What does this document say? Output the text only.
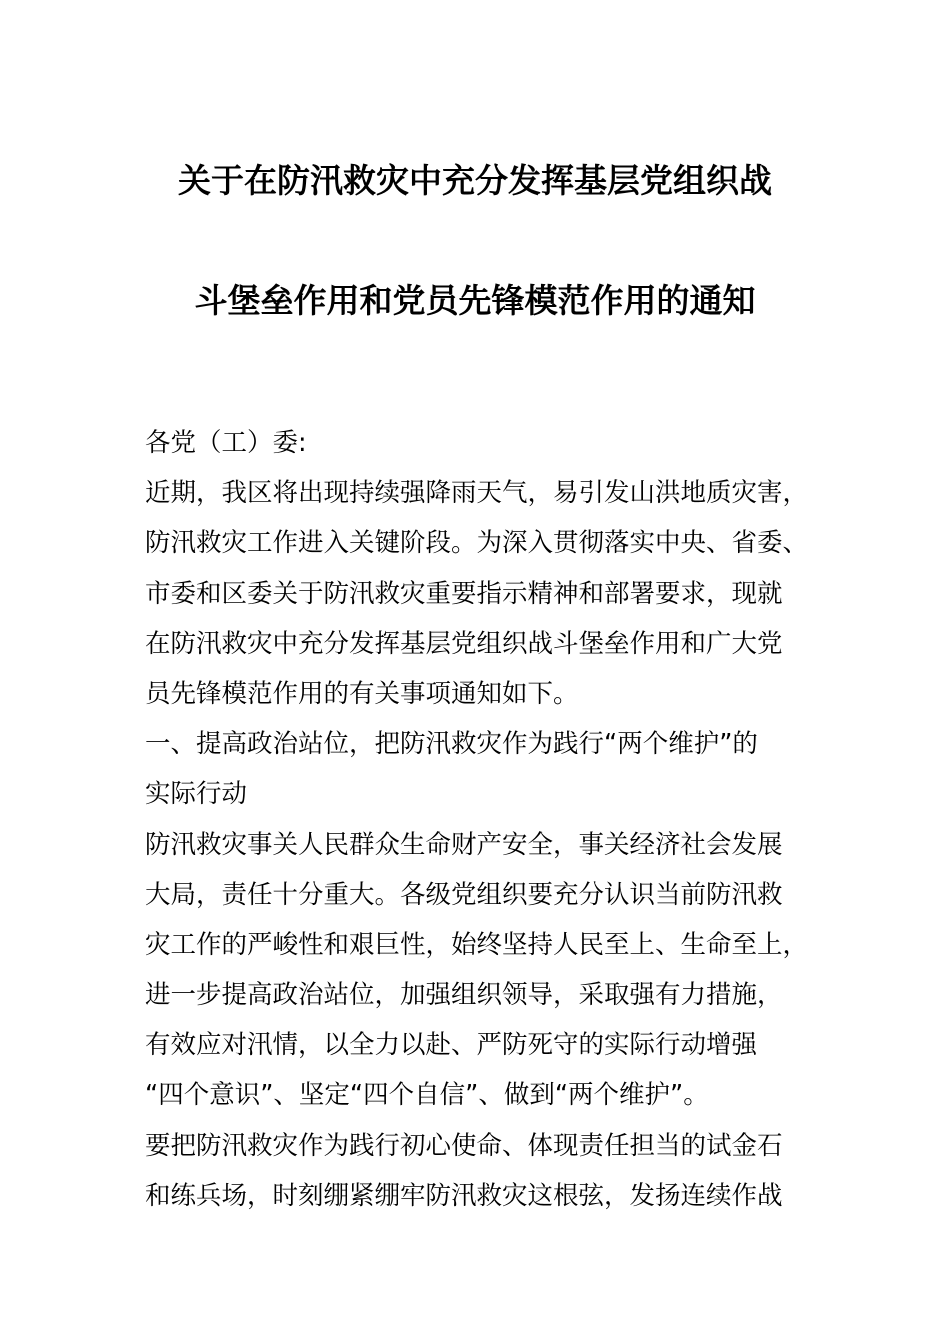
关于在防汛救灾中充分发挥基层党组织战
斗堡垒作用和党员先锋模范作用的通知
各党（工）委:
近期，我区将出现持续强降雨天气，易引发山洪地质灾害，
防汛救灾工作进入关键阶段。为深入贯彻落实中央、省委、
市委和区委关于防汛救灾重要指示精神和部署要求，现就
在防汛救灾中充分发挥基层党组织战斗堡垒作用和广大党
员先锋模范作用的有关事项通知如下。
一、提高政治站位，把防汛救灾作为践行“两个维护”的
实际行动
防汛救灾事关人民群众生命财产安全，事关经济社会发展
大局，责任十分重大。各级党组织要充分认识当前防汛救
灾工作的严峻性和艰巨性，始终坚持人民至上、生命至上，
进一步提高政治站位，加强组织领导，采取强有力措施，
有效应对汛情，以全力以赴、严防死守的实际行动增强
“四个意识”、坚定“四个自信”、做到“两个维护”。
要把防汛救灾作为践行初心使命、体现责任担当的试金石
和练兵场，时刻绷紧绷牢防汛救灾这根弦，发扬连续作战
